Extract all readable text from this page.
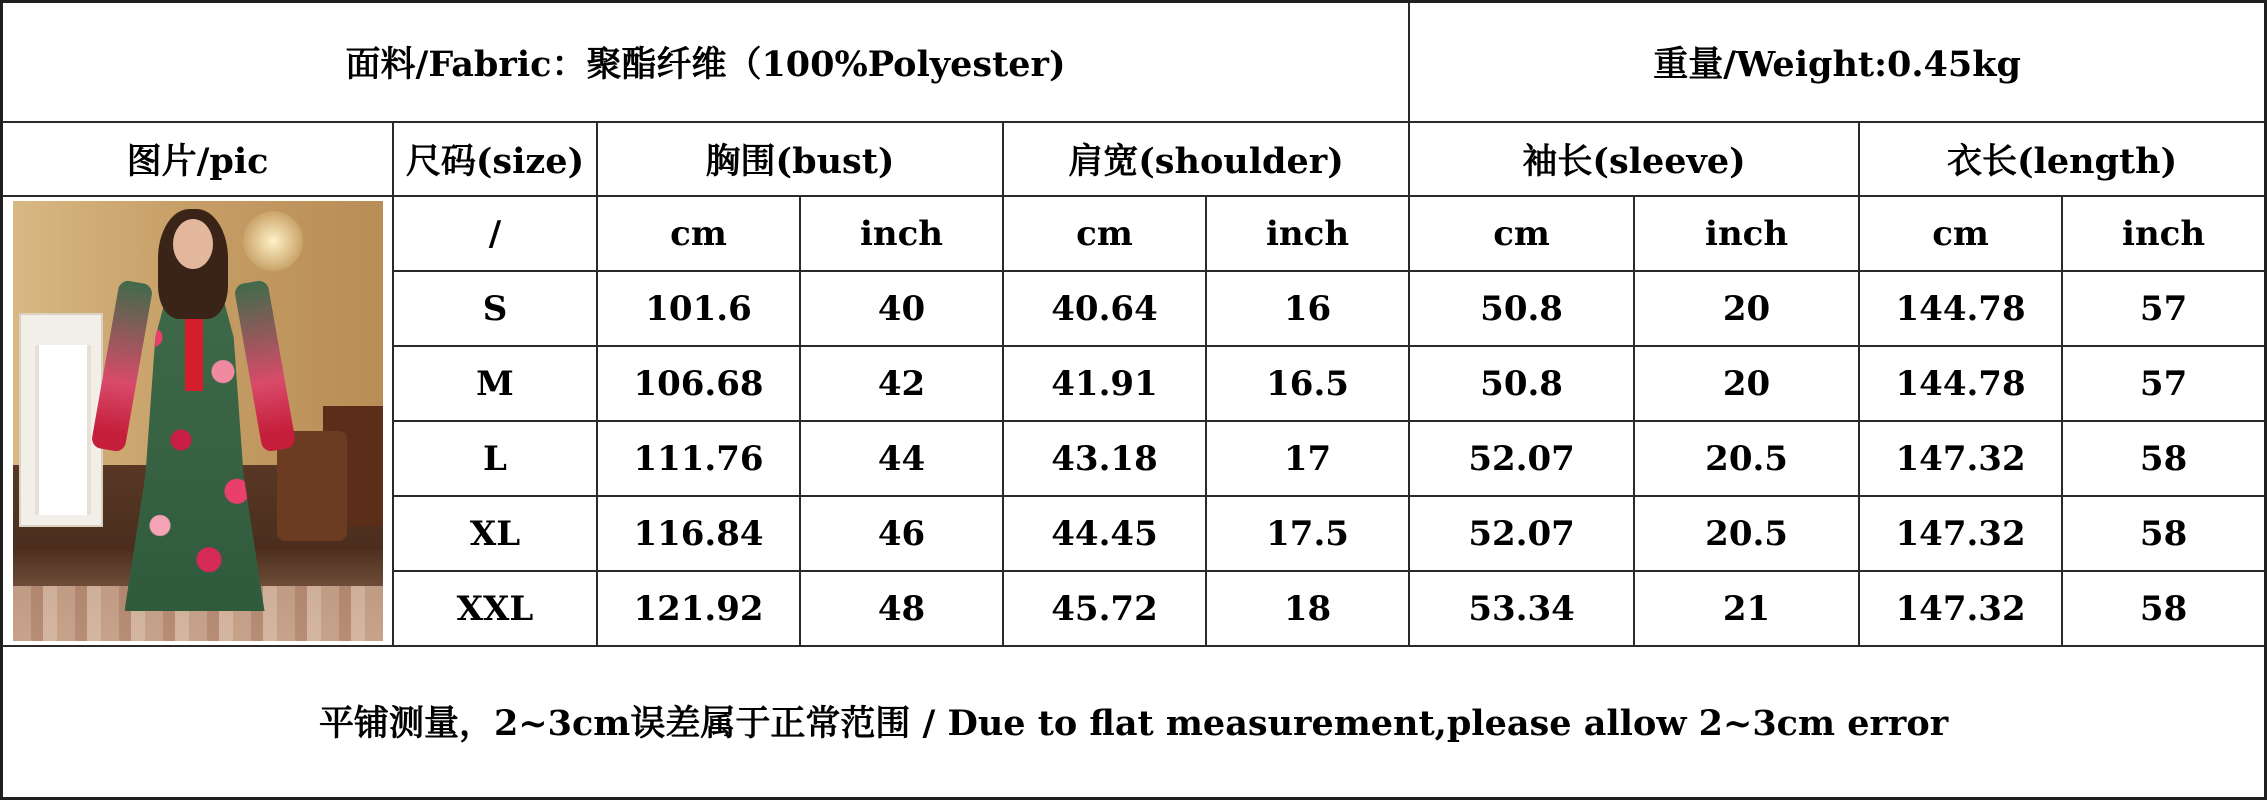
面料/Fabric：聚酯纤维（100%Polyester)						重量/Weight:0.45kg			
图片/pic	尺码(size)	胸围(bust)		肩宽(shoulder)		袖长(sleeve)		衣长(length)	

	/	cm	inch	cm	inch	cm	inch	cm	inch
	S	101.6	40	40.64	16	50.8	20	144.78	57
	M	106.68	42	41.91	16.5	50.8	20	144.78	57
	L	111.76	44	43.18	17	52.07	20.5	147.32	58
	XL	116.84	46	44.45	17.5	52.07	20.5	147.32	58
	XXL	121.92	48	45.72	18	53.34	21	147.32	58
平铺测量，2~3cm误差属于正常范围 / Due to flat measurement,please allow 2~3cm error									
